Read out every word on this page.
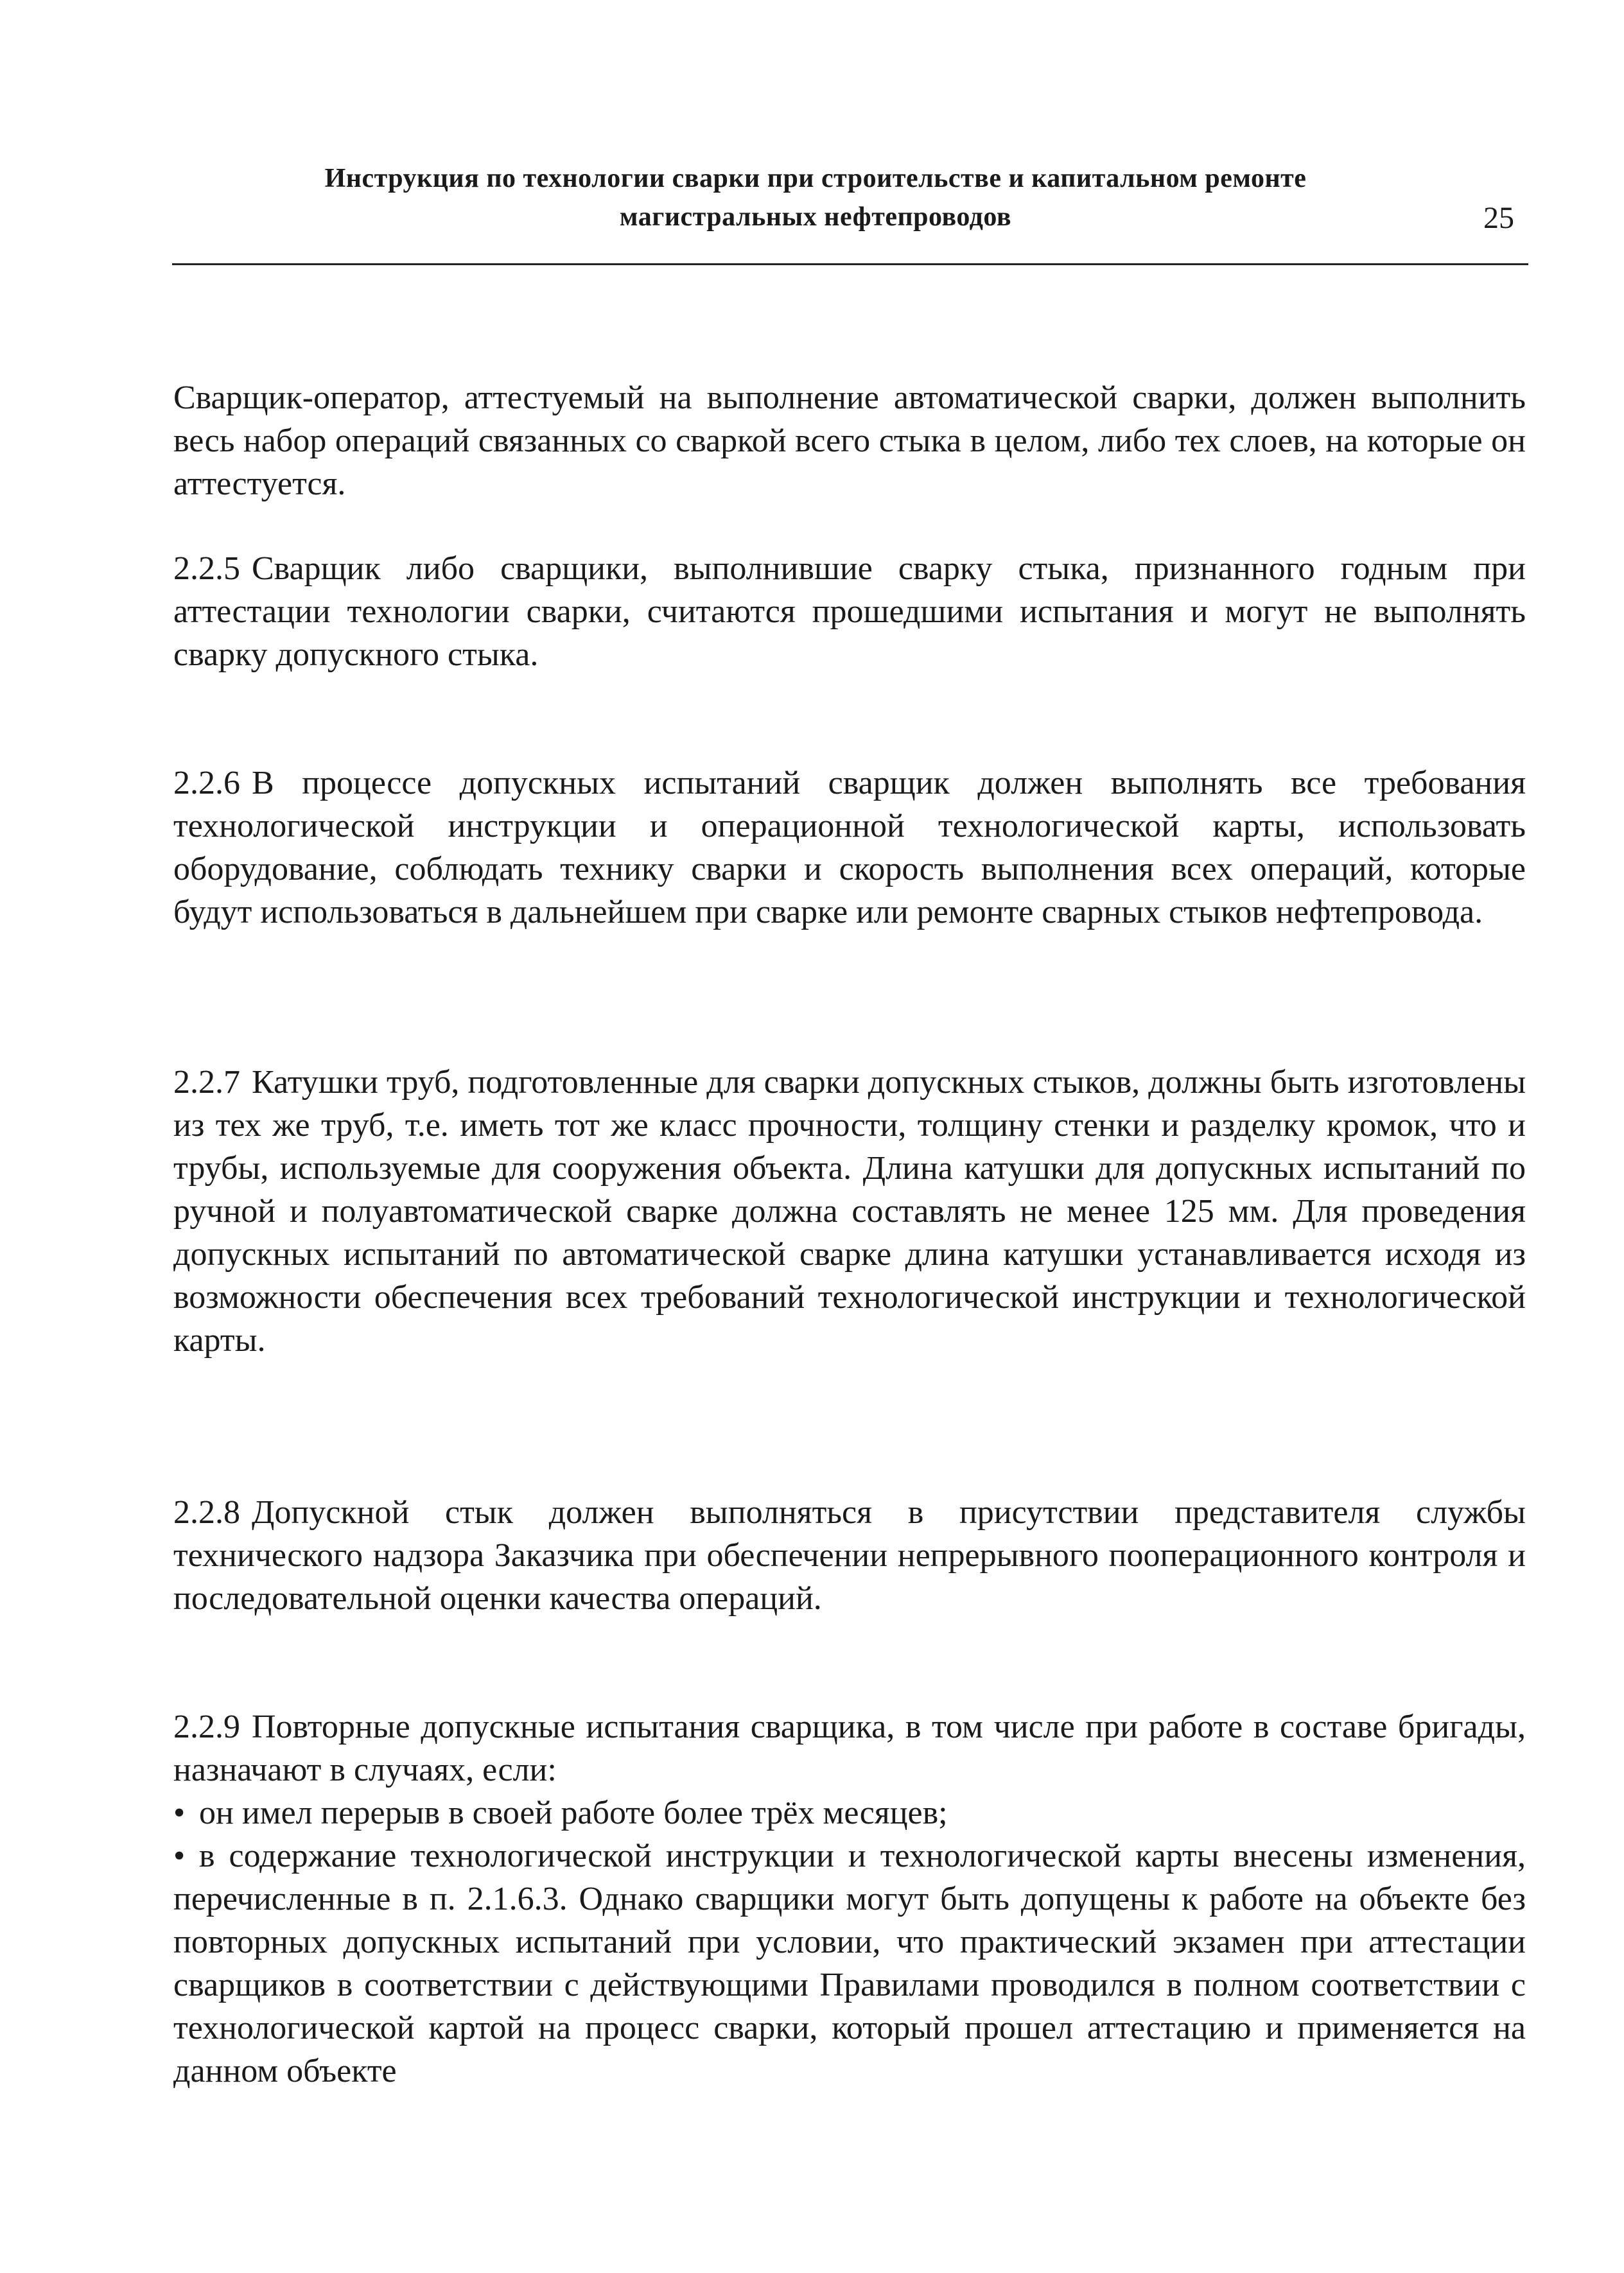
Инструкция по технологии сварки при строительстве и капитальном ремонте
магистральных нефтепроводов	25
Сварщик-оператор, аттестуемый на выполнение автоматической сварки, должен выполнить весь набор операций связанных со сваркой всего стыка в целом, либо тех слоев, на которые он аттестуется.
2.2.5 Сварщик либо сварщики, выполнившие сварку стыка, признанного годным при аттестации технологии сварки, считаются прошедшими испытания и могут не выполнять сварку допускного стыка.
2.2.6 В процессе допускных испытаний сварщик должен выполнять все требования технологической инструкции и операционной технологической карты, использовать оборудование, соблюдать технику сварки и скорость выполнения всех операций, которые будут использоваться в дальнейшем при сварке или ремонте сварных стыков нефтепровода.
2.2.7 Катушки труб, подготовленные для сварки допускных стыков, должны быть изготовлены из тех же труб, т.е. иметь тот же класс прочности, толщину стенки и разделку кромок, что и трубы, используемые для сооружения объекта. Длина катушки для допускных испытаний по ручной и полуавтоматической сварке должна составлять не менее 125 мм. Для проведения допускных испытаний по автоматической сварке длина катушки устанавливается исходя из возможности обеспечения всех требований технологической инструкции и технологической карты.
2.2.8 Допускной стык должен выполняться в присутствии представителя службы технического надзора Заказчика при обеспечении непрерывного пооперационного контроля и последовательной оценки качества операций.
2.2.9 Повторные допускные испытания сварщика, в том числе при работе в составе бригады, назначают в случаях, если:
• он имел перерыв в своей работе более трёх месяцев;
• в содержание технологической инструкции и технологической карты внесены изменения, перечисленные в п. 2.1.6.3. Однако сварщики могут быть допущены к работе на объекте без повторных допускных испытаний при условии, что практический экзамен при аттестации сварщиков в соответствии с действующими Правилами проводился в полном соответствии с технологической картой на процесс сварки, который прошел аттестацию и применяется на данном объекте
